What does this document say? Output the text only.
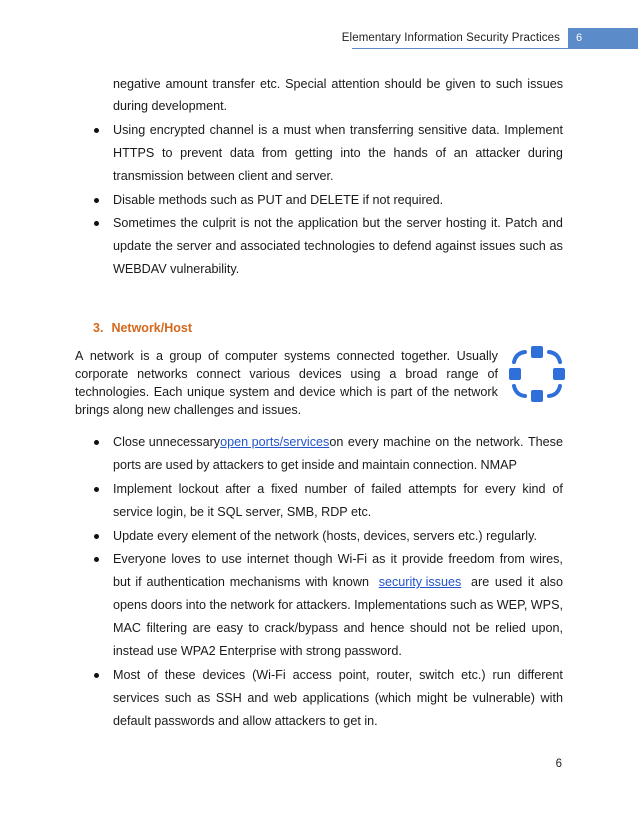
Elementary Information Security Practices	6
negative amount transfer etc. Special attention should be given to such issues
during development.
Using encrypted channel is a must when transferring sensitive data. Implement
HTTPS to prevent data from getting into the hands of an attacker during
transmission between client and server.
Disable methods such as PUT and DELETE if not required.
Sometimes the culprit is not the application but the server hosting it. Patch and
update the server and associated technologies to defend against issues such as
WEBDAV vulnerability.
3. Network/Host
A network is a group of computer systems connected together. Usually
corporate networks connect various devices using a broad range of
technologies. Each unique system and device which is part of the network
brings along new challenges and issues.
Close unnecessary open ports/services on every machine on the network. These
ports are used by attackers to get inside and maintain connection. NMAP
Implement lockout after a fixed number of failed attempts for every kind of
service login, be it SQL server, SMB, RDP etc.
Update every element of the network (hosts, devices, servers etc.) regularly.
Everyone loves to use internet though Wi-Fi as it provide freedom from wires,
but if authentication mechanisms with known security issues are used it also
opens doors into the network for attackers. Implementations such as WEP, WPS,
MAC filtering are easy to crack/bypass and hence should not be relied upon,
instead use WPA2 Enterprise with strong password.
Most of these devices (Wi-Fi access point, router, switch etc.) run different
services such as SSH and web applications (which might be vulnerable) with
default passwords and allow attackers to get in.
6
